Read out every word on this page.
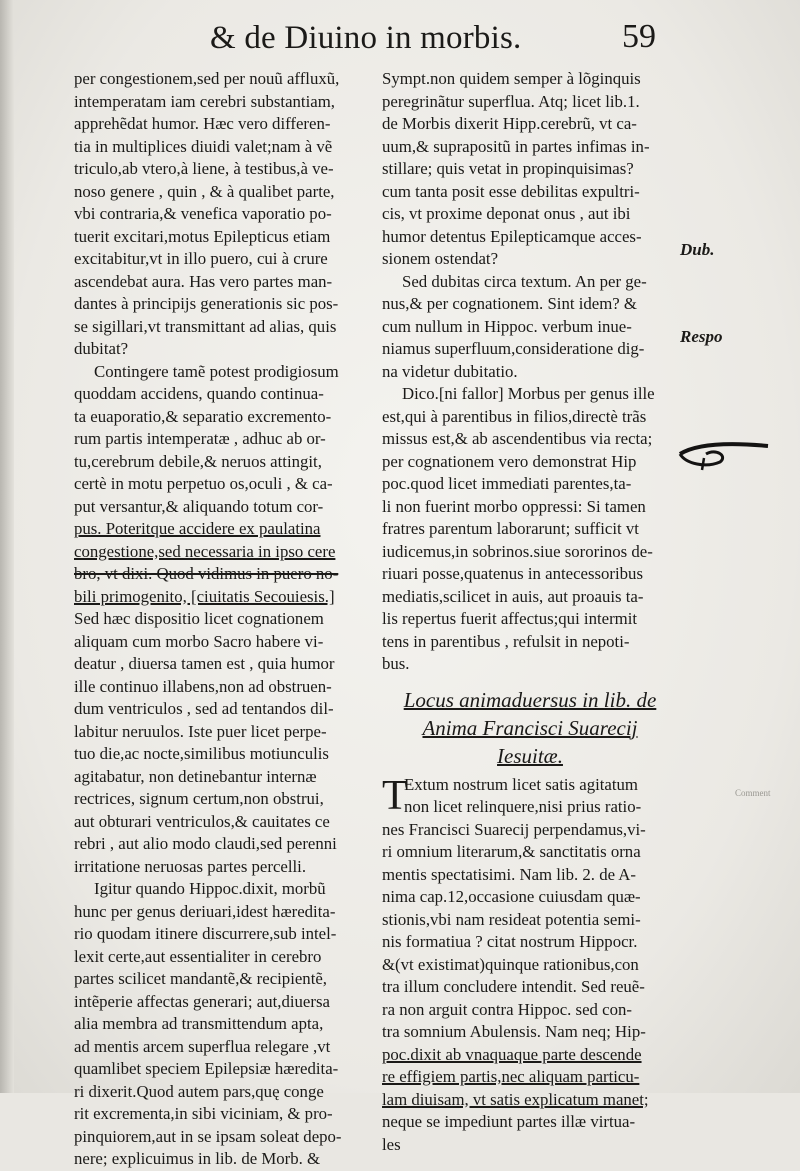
& de Diuino in morbis.	59
per congestionem,sed per nouũ affluxũ,
intemperatam iam cerebri substantiam,
apprehẽdat humor. Hæc vero differen-
tia in multiplices diuidi valet;nam à vẽ
triculo,ab vtero,à liene, à testibus,à ve-
noso genere , quin , & à qualibet parte,
vbi contraria,& venefica vaporatio po-
tuerit excitari,motus Epilepticus etiam
excitabitur,vt in illo puero, cui à crure
ascendebat aura. Has vero partes man-
dantes à principijs generationis sic pos-
se sigillari,vt transmittant ad alias, quis
dubitat?
Contingere tamẽ potest prodigiosum
quoddam accidens, quando continua-
ta euaporatio,& separatio excremento-
rum partis intemperatæ , adhuc ab or-
tu,cerebrum debile,& neruos attingit,
certè in motu perpetuo os,oculi , & ca-
put versantur,& aliquando totum cor-
pus. Poteritque accidere ex paulatina
congestione,sed necessaria in ipso cere
bro, vt dixi. Quod vidimus in puero no-
bili primogenito, [ciuitatis Secouiesis.]
Sed hæc dispositio licet cognationem
aliquam cum morbo Sacro habere vi-
deatur , diuersa tamen est , quia humor
ille continuo illabens,non ad obstruen-
dum ventriculos , sed ad tentandos dil-
labitur neruulos. Iste puer licet perpe-
tuo die,ac nocte,similibus motiunculis
agitabatur, non detinebantur internæ
rectrices, signum certum,non obstrui,
aut obturari ventriculos,& cauitates ce
rebri , aut alio modo claudi,sed perenni
irritatione neruosas partes percelli.
Igitur quando Hippoc.dixit, morbũ
hunc per genus deriuari,idest hæredita-
rio quodam itinere discurrere,sub intel-
lexit certe,aut essentialiter in cerebro
partes scilicet mandantẽ,& recipientẽ,
intẽperie affectas generari; aut,diuersa
alia membra ad transmittendum apta,
ad mentis arcem superflua relegare ,vt
quamlibet speciem Epilepsiæ hæredita-
ri dixerit.Quod autem pars,quę conge
rit excrementa,in sibi viciniam, & pro-
pinquiorem,aut in se ipsam soleat depo-
nere; explicuimus in lib. de Morb. &
Sympt.non quidem semper à lõginquis
peregrinãtur superflua. Atq; licet lib.1.
de Morbis dixerit Hipp.cerebrũ, vt ca-
uum,& suprapositũ in partes infimas in-
stillare; quis vetat in propinquisimas?
cum tanta posit esse debilitas expultri-
cis, vt proxime deponat onus , aut ibi
humor detentus Epilepticamque acces-
sionem ostendat?
Sed dubitas circa textum. An per ge-
nus,& per cognationem. Sint idem? &
cum nullum in Hippoc. verbum inue-
niamus superfluum,consideratione dig-
na videtur dubitatio.
Dico.[ni fallor] Morbus per genus ille
est,qui à parentibus in filios,directè trãs
missus est,& ab ascendentibus via recta;
per cognationem vero demonstrat Hip
poc.quod licet immediati parentes,ta-
li non fuerint morbo oppressi: Si tamen
fratres parentum laborarunt; sufficit vt
iudicemus,in sobrinos.siue sororinos de-
riuari posse,quatenus in antecessoribus
mediatis,scilicet in auis, aut proauis ta-
lis repertus fuerit affectus;qui intermit
tens in parentibus , refulsit in nepoti-
bus.
Locus animaduersus in lib. de
Anima Francisci Suarecij
Iesuitæ.
T
Extum nostrum licet satis agitatum
non licet relinquere,nisi prius ratio-
nes Francisci Suarecij perpendamus,vi-
ri omnium literarum,& sanctitatis orna
mentis spectatisimi. Nam lib. 2. de A-
nima cap.12,occasione cuiusdam quæ-
stionis,vbi nam resideat potentia semi-
nis formatiua ? citat nostrum Hippocr.
&(vt existimat)quinque rationibus,con
tra illum concludere intendit. Sed reuẽ-
ra non arguit contra Hippoc. sed con-
tra somnium Abulensis. Nam neq; Hip-
poc.dixit ab vnaquaque parte descende
re effigiem partis,nec aliquam particu-
lam diuisam, vt satis explicatum manet;
neque se impediunt partes illæ virtua-
les
Dub.
Respo
Comment
